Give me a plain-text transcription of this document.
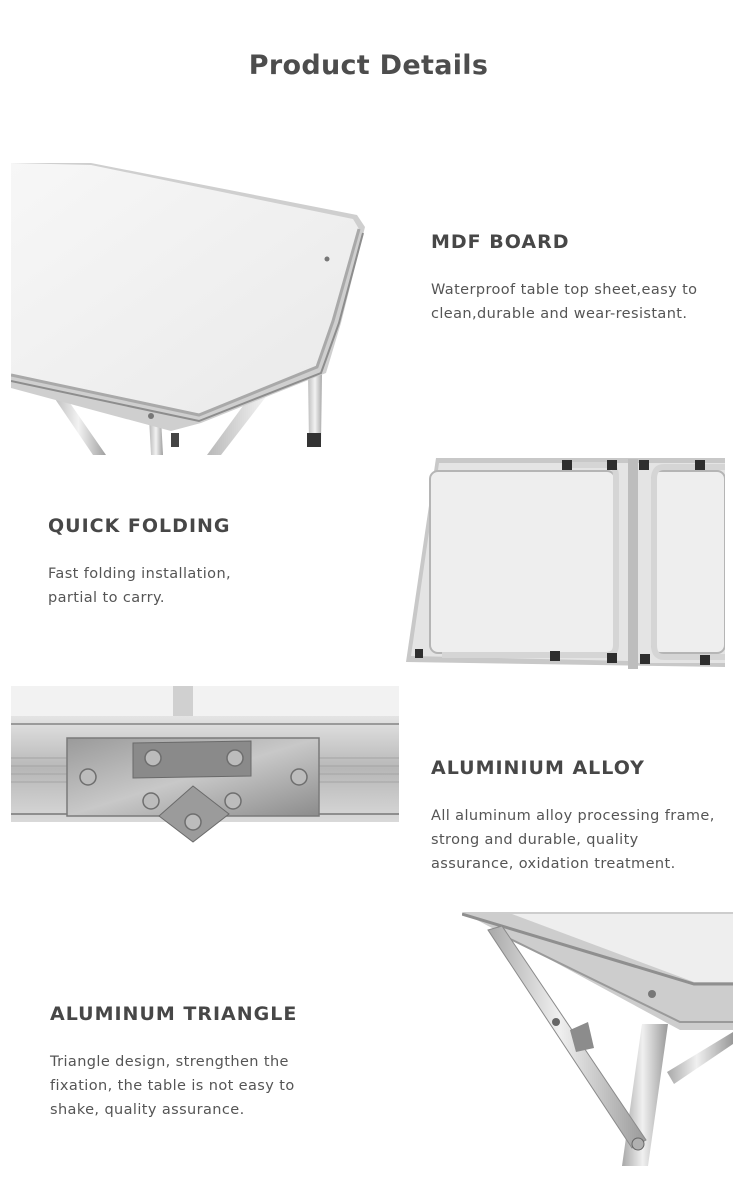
Product Details
MDF BOARD
Waterproof table top sheet,easy to
clean,durable and wear-resistant.
QUICK FOLDING
Fast folding installation,
partial to carry.
ALUMINIUM ALLOY
All aluminum alloy processing frame,
strong and durable, quality
assurance, oxidation treatment.
ALUMINUM TRIANGLE
Triangle design, strengthen the
fixation, the table is not easy to
shake, quality assurance.
